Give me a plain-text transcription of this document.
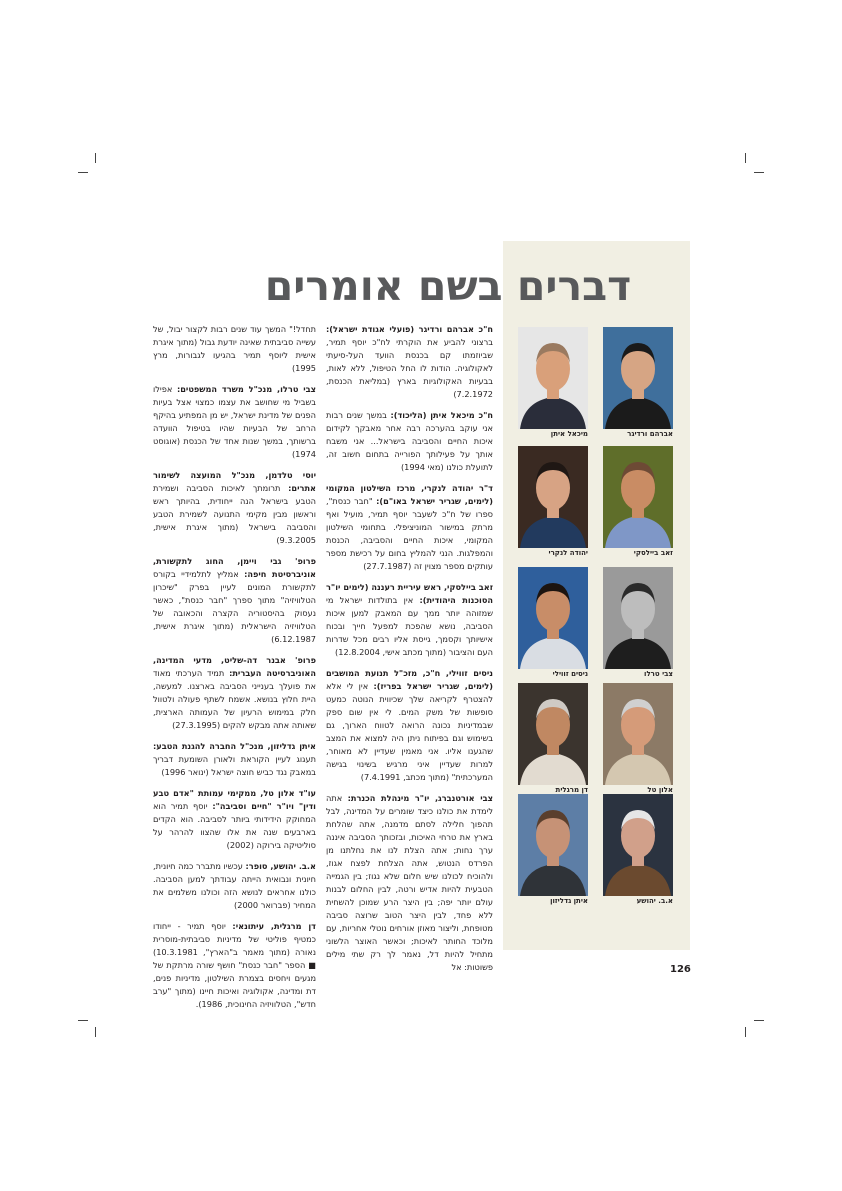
דברים בשם אומרים
אברהם ורדיגר
מיכאל איתן
זאב ביילסקי
יהודה לנקרי
צבי טרלו
ניסים זווילי
אלון טל
דן מרגלית
א.ב. יהושע
איתן גדליזון

ח"כ אברהם ורדיגר (פועלי אגודת ישראל): ברצוני להביע את הוקרתי לח"כ יוסף תמיר, שביוזמתו קם בכנסת הוועד העל-סיעתי לאקולוגיה. הודות לו החל הטיפול, ללא לאות, בבעיות האקולוגיות בארץ (במליאת הכנסת, 7.2.1972)

ח"כ מיכאל איתן (הליכוד): במשך שנים רבות אני עוקב בהערכה רבה אחר מאבקך לקידום איכות החיים והסביבה בישראל... אני משבח אותך על פעילותך הפורייה בתחום חשוב זה, לתועלת כולנו (מאי 1994)

ד"ר יהודה לנקרי, מרכז השילטון המקומי (לימים, שגריר ישראל באו"ם): "חבר כנסת", ספרו של ח"כ לשעבר יוסף תמיר, מועיל ואף מרתק במישור המוניציפלי. בתחומי השילטון המקומי, איכות החיים והסביבה, הכנסת והמפלגות. הנני להמליץ בחום על רכישת מספר עותקים מספר מצוין זה (27.7.1987)

זאב ביילסקי, ראש עיריית רעננה (לימים יו"ר הסוכנות היהודית): אין בתולדות ישראל מי שמזוהה יותר ממך עם המאבק למען איכות הסביבה, נושא שהפכת למפעל חייך ובכוח אישיותך וקסמך, גייסת אליו רבים מכל שדרות העם והציבור (מתוך מכתב אישי, 12.8.2004)

ניסים זווילי, ח"כ, מזכ"ל תנועת המושבים (לימים, שגריר ישראל בפריז): אין לי אלא להצטרף לקריאה שלך שכיווית הנוטה כמעט סופשות של משק המים. לי אין שום ספק שבמדיניות נכונה הרואה לטווח הארוך, גם בשימוש וגם בפיתוח ניתן היה למצוא את המצב שהגענו אליו. אני מאמין שעדיין לא מאוחר, למרות שעדיין איני מרגיש בשינוי בגישה המערכתית" (מתוך מכתב, 7.4.1991)

צבי אורטנברג, יו"ר מינהלת הכנרת: אתה לימדת את כולנו כיצד שומרים על המדינה, לבל תהפוך חלילה לסתם מדמנה, אתה שהלחת בארץ את טרחי האיכות, ובזכותך הסביבה איננה ערך נחות; אתה הצלת לנו את נחלתנו מן הפרדס הנטוש, אתה הצלחת לפצח אגוז, ולהוכיח לכולנו שיש חלום שלא נגוז; בין הגמייה הטבעית להיות אדיש ורטה, לבין החלום לבנות עולם יותר יפה; בין היצר הרע שמוכן להשחית ללא פחד, לבין היצר הטוב שרוצה סביבה מטופחת, וליצור מאוזן אורחים נוטלי אחריות, עם מלוכד החותר לאיכות; וכאשר האוצר הלשוני מתחיל להיות דל, נאמר לך רק שתי מילים פשוטות: אל

תחדל!" המשך עוד שנים רבות לקצור יבול, של עשייה סביבתית שאינה יודעת גבול (מתוך איגרת אישית ליוסף תמיר בהגיעו לגבורות, מרץ 1995)

צבי טרלו, מנכ"ל משרד המשפטים: אפילו בשביל מי שחושב את עצמו כמצוי אצל בעיות הפנים של מדינת ישראל, יש מן המפתיע בהיקף הרחב של הבעיות שהיו בטיפול הוועדה ברשותך, במשך שנות אחד של הכנסת (אוגוסט 1974)

יוסי טלדמן, מנכ"ל המועצה לשימור אתרים: תרומתך לאיכות הסביבה ושמירת הטבע בישראל הנה ייחודית, בהיותך ראש וראשון מבין מקימי התנועה לשמירת הטבע והסביבה בישראל (מתוך איגרת אישית, 9.3.2005)

פרופ' גבי ויימן, החוג לתקשורת, אוניברסיטת חיפה: אמליץ לתלמידיי בקורס לתקשורת המונים לעיין בפרק "שיכרון הטלוויזיה" מתוך ספרך "חבר כנסת", כאשר נעסוק בהיסטוריה הקצרה והכאובה של הטלוויזיה הישראלית (מתוך איגרת אישית, 6.12.1987)

פרופ' אבנר דה-שליט, מדעי המדינה, האוניברסיטה העברית: תמיד הערכתי מאוד את פועלך בענייני הסביבה בארצנו. למעשה, היית חלוץ בנושא. אשמח לשתף פעולה ולטוול חלק במימוש הרעיון של העמותה הארצית, שאותה אתה מבקש להקים (27.3.1995)

איתן גדליזון, מנכ"ל החברה להגנת הטבע: תעגוג לעיין הקוראת ולאורן השומעת דבריך במאבק נגד כביש חוצה ישראל (ינואר 1996)

עו"ד אלון טל, ממקימי עמותת "אדם טבע ודין" ויו"ר "חיים וסביבה": יוסף תמיר הוא המחוקק הידידותי ביותר לסביבה. הוא הקדים בארבעים שנה את אלו שהצוו להרהר על סוליטיקה בירוקה (2002)

א.ב. יהושע, סופר: עכשיו מתברר כמה חיונית, חיונית ונבואית הייתה עבודתך למען הסביבה. כולנו אחראים לנושא הזה וכולנו משלמים את המחיר (פברואר 2000)

דן מרגלית, עיתונאי: יוסף תמיר - ייחודו כמטיף פוליטי של מדיניות סביבתית-מוסרית נאורה (מתוך מאמר ב"הארץ", 10.3.1981) ■ הספר "חבר כנסת" חושף שורה מרתקת של מגעים ויחסים בצמרת השילטון, מדיניות פנים, דת ומדינה, אקולוגיה ואיכות חיינו (מתוך "ערב חדש", הטלוויזיה החינוכית, 1986).

126
